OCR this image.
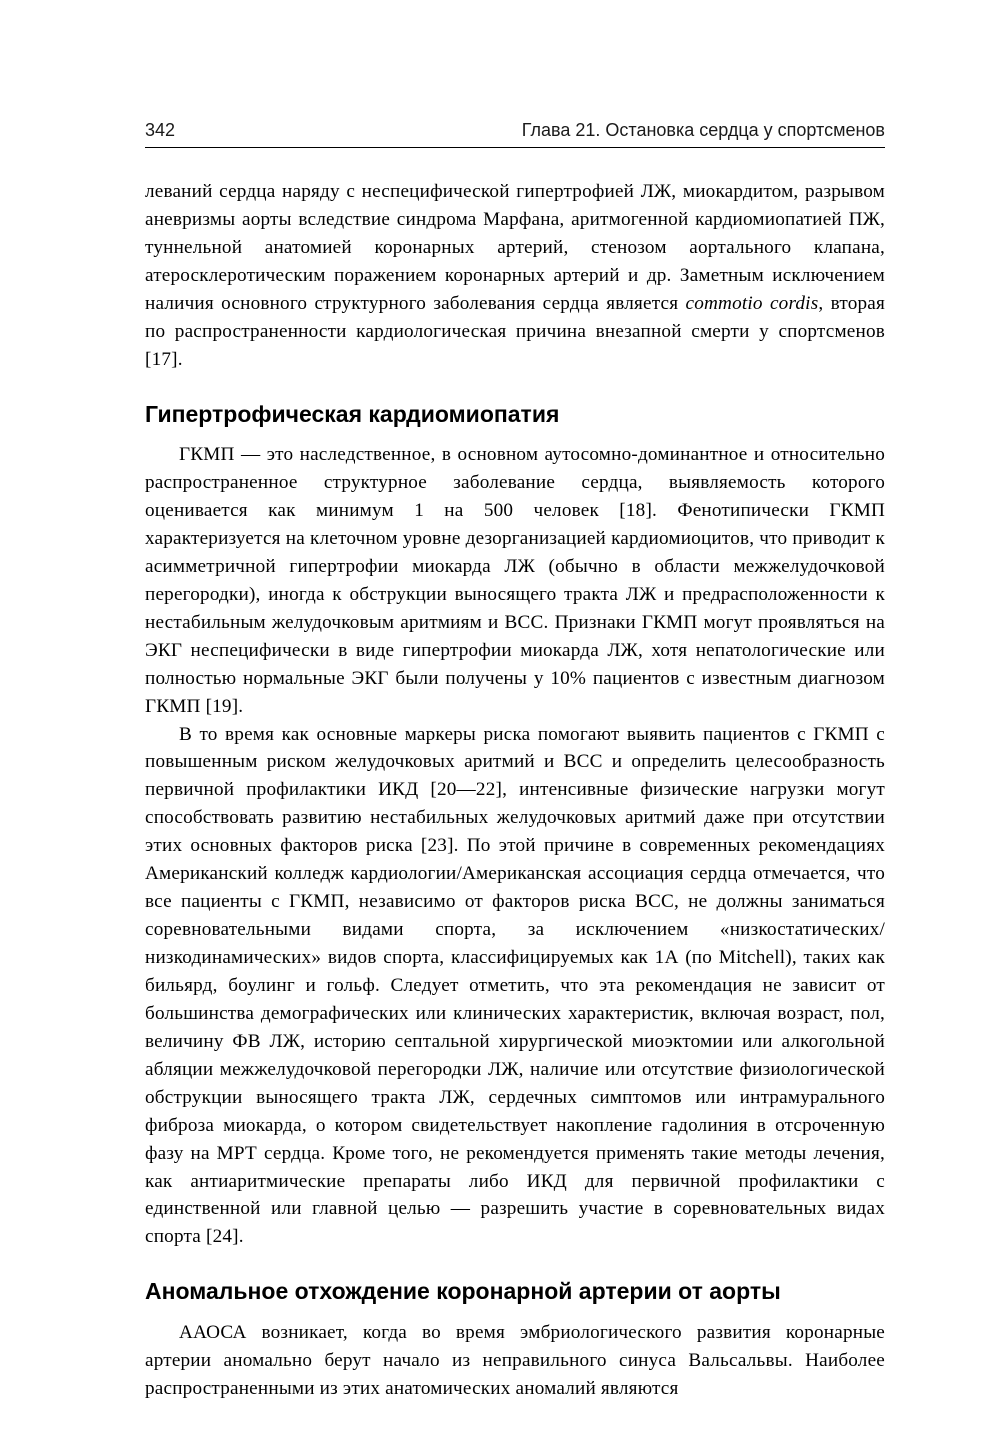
342	Глава 21. Остановка сердца у спортсменов

леваний сердца наряду с неспецифической гипертрофией ЛЖ, миокардитом, разрывом аневризмы аорты вследствие синдрома Марфана, аритмогенной кардиомиопатией ПЖ, туннельной анатомией коронарных артерий, стенозом аортального клапана, атеросклеротическим поражением коронарных артерий и др. Заметным исключением наличия основного структурного заболевания сердца является commotio cordis, вторая по распространенности кардиологическая причина внезапной смерти у спортсменов [17].

Гипертрофическая кардиомиопатия

ГКМП — это наследственное, в основном аутосомно-доминантное и относительно распространенное структурное заболевание сердца, выявляемость которого оценивается как минимум 1 на 500 человек [18]. Фенотипически ГКМП характеризуется на клеточном уровне дезорганизацией кардиомиоцитов, что приводит к асимметричной гипертрофии миокарда ЛЖ (обычно в области межжелудочковой перегородки), иногда к обструкции выносящего тракта ЛЖ и предрасположенности к нестабильным желудочковым аритмиям и ВСС. Признаки ГКМП могут проявляться на ЭКГ неспецифически в виде гипертрофии миокарда ЛЖ, хотя непатологические или полностью нормальные ЭКГ были получены у 10% пациентов с известным диагнозом ГКМП [19].

В то время как основные маркеры риска помогают выявить пациентов с ГКМП с повышенным риском желудочковых аритмий и ВСС и определить целесообразность первичной профилактики ИКД [20—22], интенсивные физические нагрузки могут способствовать развитию нестабильных желудочковых аритмий даже при отсутствии этих основных факторов риска [23]. По этой причине в современных рекомендациях Американский колледж кардиологии/Американская ассоциация сердца отмечается, что все пациенты с ГКМП, независимо от факторов риска ВСС, не должны заниматься соревновательными видами спорта, за исключением «низкостатических/низкодинамических» видов спорта, классифицируемых как 1А (по Mitchell), таких как бильярд, боулинг и гольф. Следует отметить, что эта рекомендация не зависит от большинства демографических или клинических характеристик, включая возраст, пол, величину ФВ ЛЖ, историю септальной хирургической миоэктомии или алкогольной абляции межжелудочковой перегородки ЛЖ, наличие или отсутствие физиологической обструкции выносящего тракта ЛЖ, сердечных симптомов или интрамурального фиброза миокарда, о котором свидетельствует накопление гадолиния в отсроченную фазу на МРТ сердца. Кроме того, не рекомендуется применять такие методы лечения, как антиаритмические препараты либо ИКД для первичной профилактики с единственной или главной целью — разрешить участие в соревновательных видах спорта [24].

Аномальное отхождение коронарной артерии от аорты

ААОСА возникает, когда во время эмбриологического развития коронарные артерии аномально берут начало из неправильного синуса Вальсальвы. Наиболее распространенными из этих анатомических аномалий являются
